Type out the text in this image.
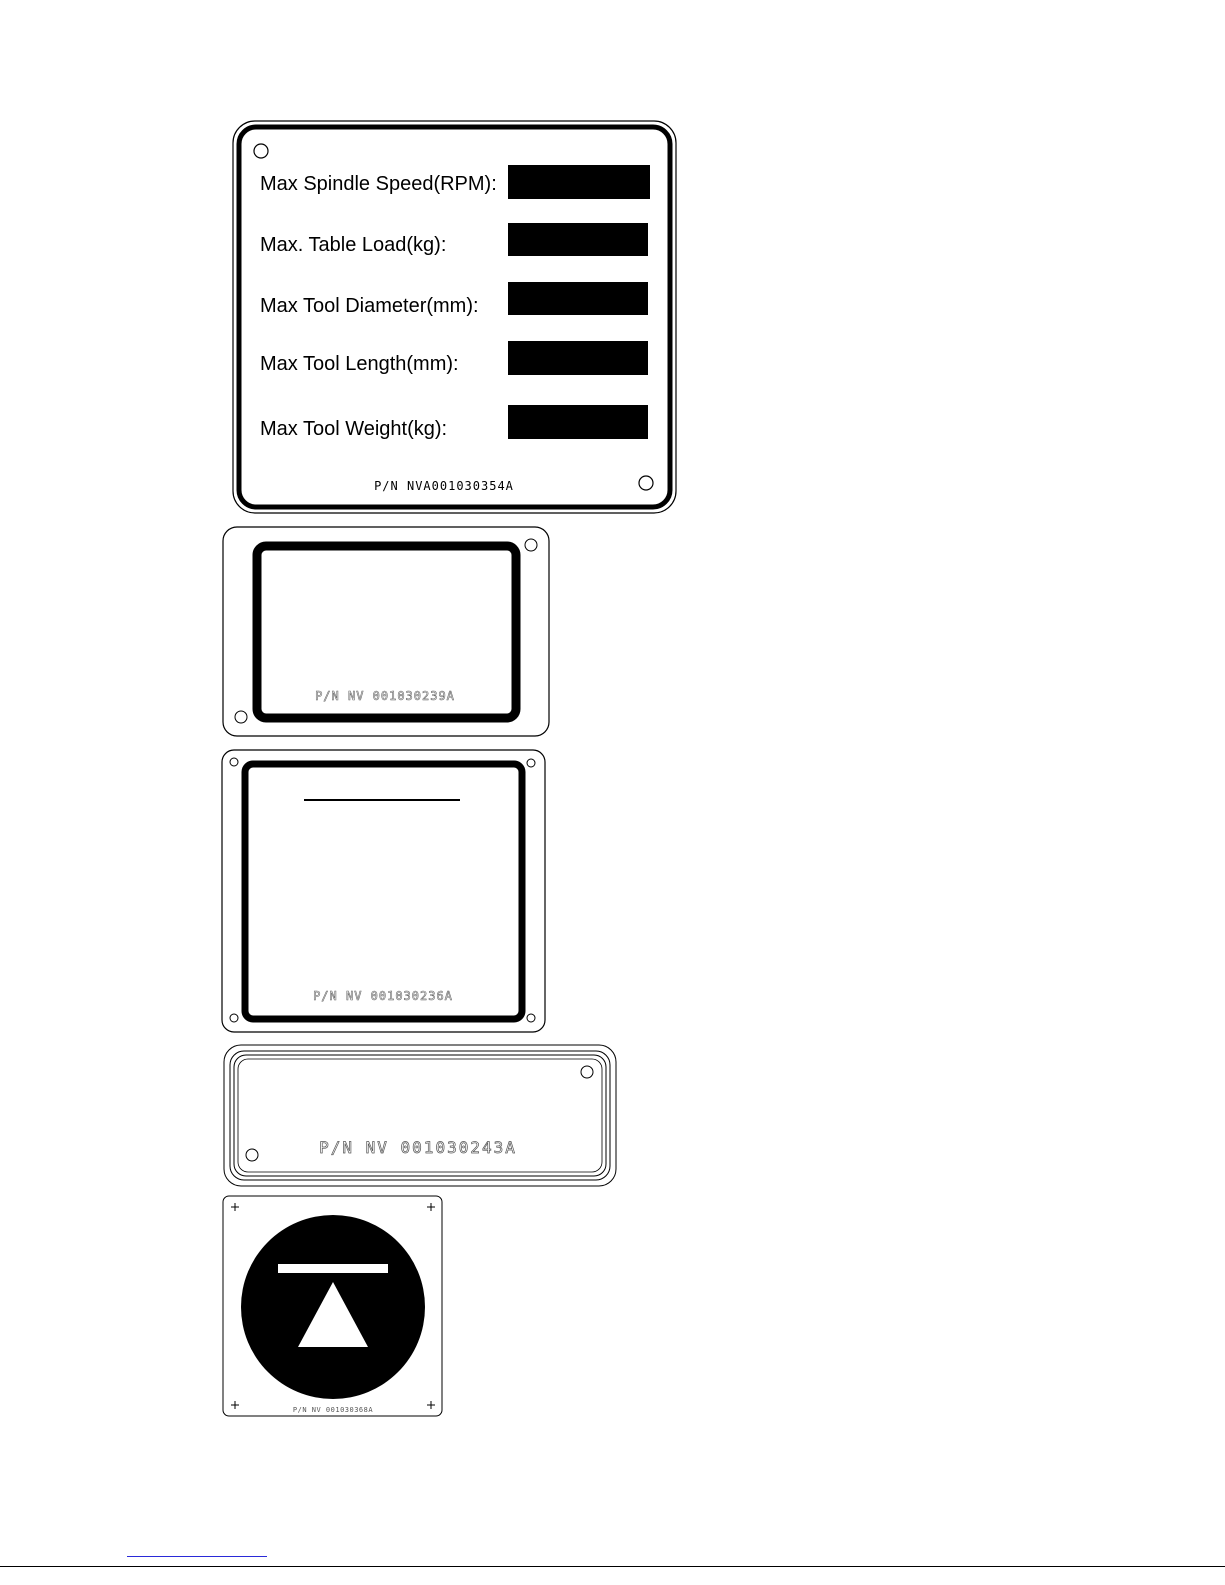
Max Spindle Speed(RPM):
Max. Table Load(kg):
Max Tool Diameter(mm):
Max Tool Length(mm):
Max Tool Weight(kg):
P/N NVA001030354A
P/N NV 001030239A
P/N NV 001030236A
P/N NV 001030243A
P/N NV 001030368A
